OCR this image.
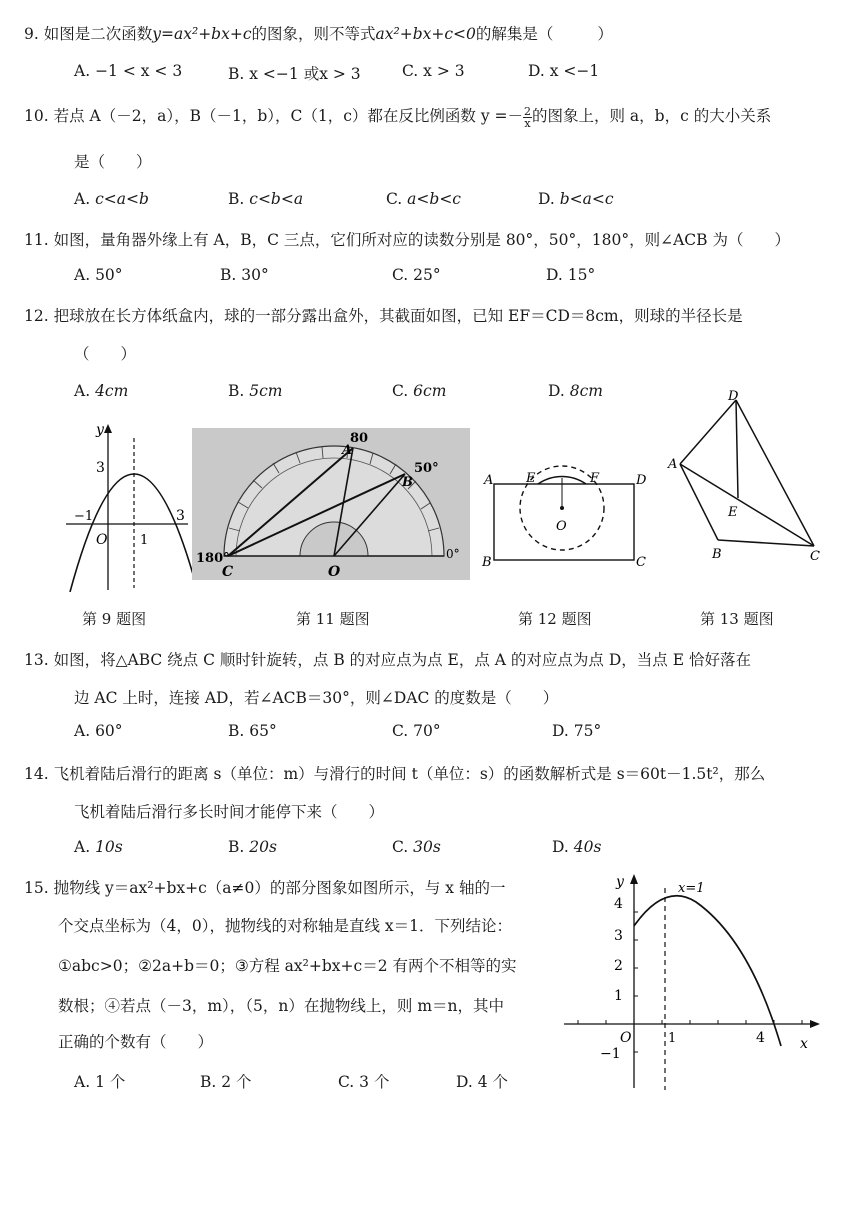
9. 如图是二次函数y=ax²+bx+c的图象，则不等式ax²+bx+c<0的解集是（	）
A. −1 < x < 3	B. x <−1 或x > 3	C. x > 3	D. x <−1
10. 若点 A（－2，a），B（－1，b），C（1，c）都在反比例函数 $y =- \frac{2}{x}$ 的图象上，则 a，b，c 的大小关系
是（　　）
A. c<a<b	B. c<b<a	C. a<b<c	D. b<a<c
11. 如图，量角器外缘上有 A，B，C 三点，它们所对应的读数分别是 80°，50°，180°，则∠ACB 为（　　）
A. 50°	B. 30°	C. 25°	D. 15°
12. 把球放在长方体纸盒内，球的一部分露出盒外，其截面如图，已知 EF＝CD＝8cm，则球的半径长是
（　　）
A. 4cm	B. 5cm	C. 6cm	D. 8cm
y
3
−1
O	1
3
第 9 题图
80
A
50°
B
180°	0°
C	O
第 11 题图
A	E	F	D
O
B	C
第 12 题图
D
A
E
B	C
第 13 题图
13. 如图，将△ABC 绕点 C 顺时针旋转，点 B 的对应点为点 E，点 A 的对应点为点 D，当点 E 恰好落在
边 AC 上时，连接 AD，若∠ACB＝30°，则∠DAC 的度数是（　　）
A. 60°	B. 65°	C. 70°	D. 75°
14. 飞机着陆后滑行的距离 s（单位：m）与滑行的时间 t（单位：s）的函数解析式是 s＝60t－1.5t²，那么
飞机着陆后滑行多长时间才能停下来（　　）
A. 10s	B. 20s	C. 30s	D. 40s
15. 抛物线 y＝ax²+bx+c（a≠0）的部分图象如图所示，与 x 轴的一
个交点坐标为（4，0），抛物线的对称轴是直线 x＝1．下列结论：
①abc>0；②2a+b＝0；③方程 ax²+bx+c＝2 有两个不相等的实
数根；④若点（－3，m），（5，n）在抛物线上，则 m＝n，其中
正确的个数有（　　）
A. 1 个	B. 2 个	C. 3 个	D. 4 个
y	x=1
4
3
2
1
O	1	4
−1
x
